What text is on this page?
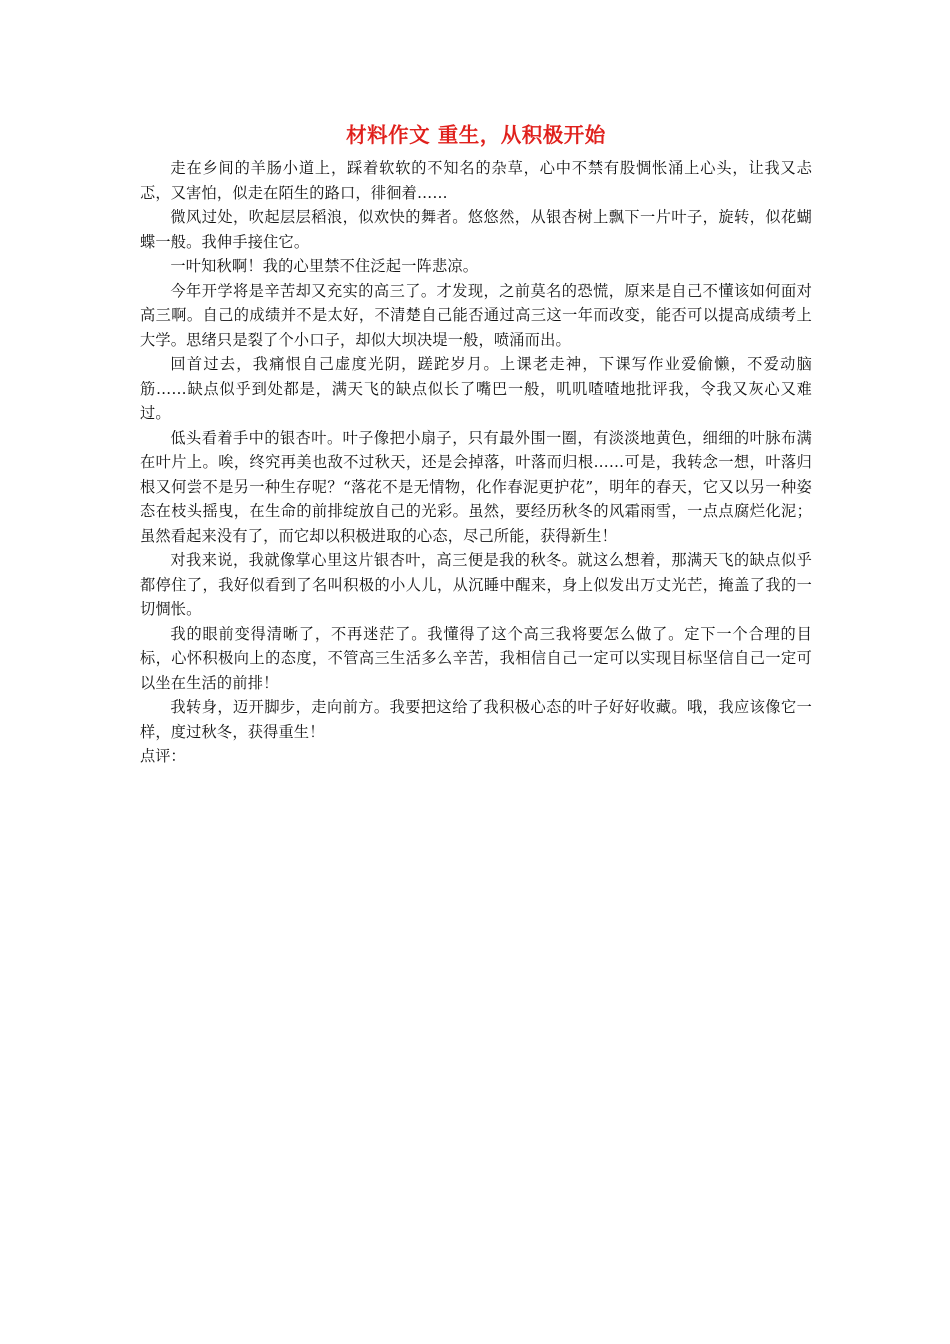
材料作文 重生，从积极开始

走在乡间的羊肠小道上，踩着软软的不知名的杂草，心中不禁有股惆怅涌上心头，让我又忐忑，又害怕，似走在陌生的路口，徘徊着……

微风过处，吹起层层稻浪，似欢快的舞者。悠悠然，从银杏树上飘下一片叶子，旋转，似花蝴蝶一般。我伸手接住它。

一叶知秋啊！我的心里禁不住泛起一阵悲凉。

今年开学将是辛苦却又充实的高三了。才发现，之前莫名的恐慌，原来是自己不懂该如何面对高三啊。自己的成绩并不是太好，不清楚自己能否通过高三这一年而改变，能否可以提高成绩考上大学。思绪只是裂了个小口子，却似大坝决堤一般，喷涌而出。

回首过去，我痛恨自己虚度光阴，蹉跎岁月。上课老走神，下课写作业爱偷懒，不爱动脑筋……缺点似乎到处都是，满天飞的缺点似长了嘴巴一般，叽叽喳喳地批评我，令我又灰心又难过。

低头看着手中的银杏叶。叶子像把小扇子，只有最外围一圈，有淡淡地黄色，细细的叶脉布满在叶片上。唉，终究再美也敌不过秋天，还是会掉落，叶落而归根……可是，我转念一想，叶落归根又何尝不是另一种生存呢？“落花不是无情物，化作春泥更护花”，明年的春天，它又以另一种姿态在枝头摇曳，在生命的前排绽放自己的光彩。虽然，要经历秋冬的风霜雨雪，一点点腐烂化泥；虽然看起来没有了，而它却以积极进取的心态，尽己所能，获得新生！

对我来说，我就像掌心里这片银杏叶，高三便是我的秋冬。就这么想着，那满天飞的缺点似乎都停住了，我好似看到了名叫积极的小人儿，从沉睡中醒来，身上似发出万丈光芒，掩盖了我的一切惆怅。

我的眼前变得清晰了，不再迷茫了。我懂得了这个高三我将要怎么做了。定下一个合理的目标，心怀积极向上的态度，不管高三生活多么辛苦，我相信自己一定可以实现目标坚信自己一定可以坐在生活的前排！

我转身，迈开脚步，走向前方。我要把这给了我积极心态的叶子好好收藏。哦，我应该像它一样，度过秋冬，获得重生！

点评：
